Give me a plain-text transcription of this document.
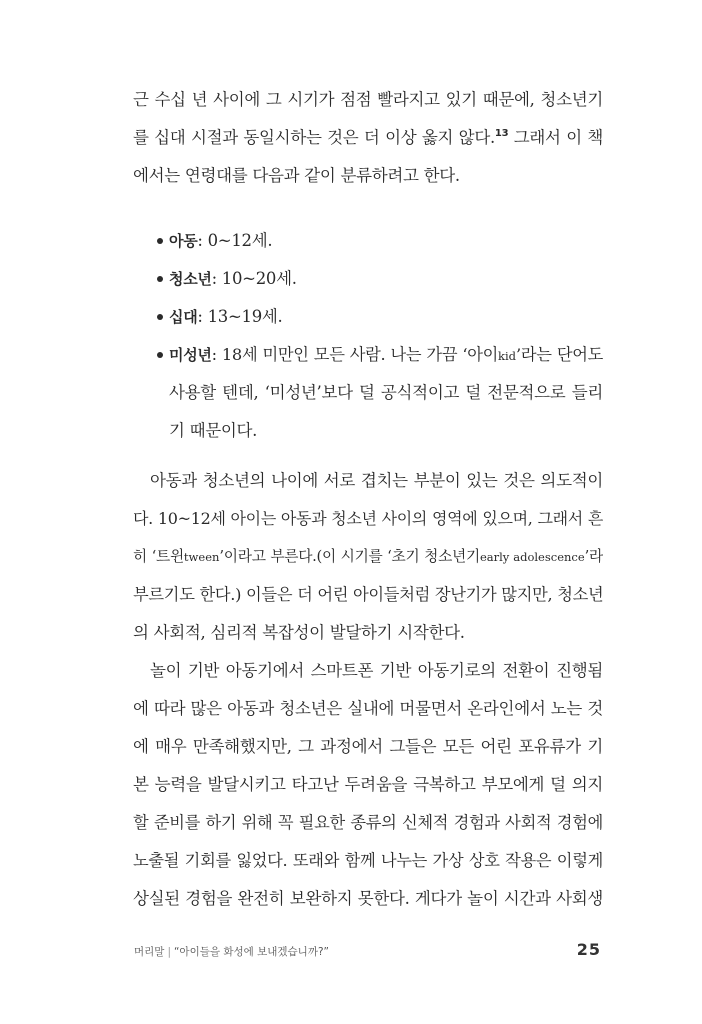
근 수십 년 사이에 그 시기가 점점 빨라지고 있기 때문에, 청소년기
를 십대 시절과 동일시하는 것은 더 이상 옳지 않다.$^{13}$ 그래서 이 책
에서는 연령대를 다음과 같이 분류하려고 한다.
아동: 0~12세.
청소년: 10~20세.
십대: 13~19세.
미성년: 18세 미만인 모든 사람. 나는 가끔 ‘아이kid’라는 단어도
사용할 텐데, ‘미성년’보다 덜 공식적이고 덜 전문적으로 들리
기 때문이다.
아동과 청소년의 나이에 서로 겹치는 부분이 있는 것은 의도적이
다. 10~12세 아이는 아동과 청소년 사이의 영역에 있으며, 그래서 흔
히 ‘트윈tween’이라고 부른다.(이 시기를 ‘초기 청소년기early adolescence’라
부르기도 한다.) 이들은 더 어린 아이들처럼 장난기가 많지만, 청소년
의 사회적, 심리적 복잡성이 발달하기 시작한다.
놀이 기반 아동기에서 스마트폰 기반 아동기로의 전환이 진행됨
에 따라 많은 아동과 청소년은 실내에 머물면서 온라인에서 노는 것
에 매우 만족해했지만, 그 과정에서 그들은 모든 어린 포유류가 기
본 능력을 발달시키고 타고난 두려움을 극복하고 부모에게 덜 의지
할 준비를 하기 위해 꼭 필요한 종류의 신체적 경험과 사회적 경험에
노출될 기회를 잃었다. 또래와 함께 나누는 가상 상호 작용은 이렇게
상실된 경험을 완전히 보완하지 못한다. 게다가 놀이 시간과 사회생
머리말 | “아이들을 화성에 보내겠습니까?”	25
